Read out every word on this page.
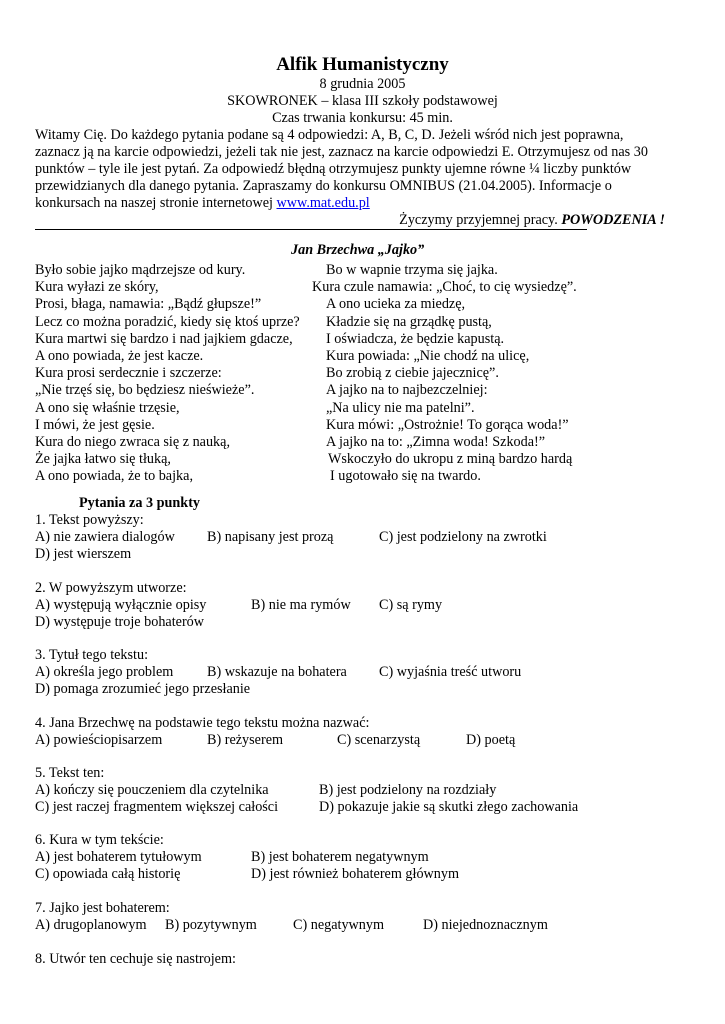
Alfik Humanistyczny
8 grudnia 2005
SKOWRONEK – klasa III szkoły podstawowej
Czas trwania konkursu: 45 min.
Witamy Cię. Do każdego pytania podane są 4 odpowiedzi: A, B, C, D. Jeżeli wśród nich jest poprawna,
zaznacz ją na karcie odpowiedzi, jeżeli tak nie jest, zaznacz na karcie odpowiedzi E. Otrzymujesz od nas 30
punktów – tyle ile jest pytań. Za odpowiedź błędną otrzymujesz punkty ujemne równe ¼ liczby punktów
przewidzianych dla danego pytania. Zapraszamy do konkursu OMNIBUS (21.04.2005). Informacje o
konkursach na naszej stronie internetowej www.mat.edu.pl
Życzymy przyjemnej pracy. POWODZENIA !
Jan Brzechwa „Jajko”
Było sobie jajko mądrzejsze od kury.
Kura wyłazi ze skóry,
Prosi, błaga, namawia: „Bądź głupsze!”
Lecz co można poradzić, kiedy się ktoś uprze?
Kura martwi się bardzo i nad jajkiem gdacze,
A ono powiada, że jest kacze.
Kura prosi serdecznie i szczerze:
„Nie trzęś się, bo będziesz nieświeże”.
A ono się właśnie trzęsie,
I mówi, że jest gęsie.
Kura do niego zwraca się z nauką,
Że jajka łatwo się tłuką,
A ono powiada, że to bajka,
Bo w wapnie trzyma się jajka.
Kura czule namawia: „Choć, to cię wysiedzę”.
A ono ucieka za miedzę,
Kładzie się na grządkę pustą,
I oświadcza, że będzie kapustą.
Kura powiada: „Nie chodź na ulicę,
Bo zrobią z ciebie jajecznicę”.
A jajko na to najbezczelniej:
„Na ulicy nie ma patelni”.
Kura mówi: „Ostrożnie! To gorąca woda!”
A jajko na to: „Zimna woda! Szkoda!”
Wskoczyło do ukropu z miną bardzo hardą
I ugotowało się na twardo.
Pytania za 3 punkty
1. Tekst powyższy:
A) nie zawiera dialogów B) napisany jest prozą	C) jest podzielony na zwrotki
D) jest wierszem
2. W powyższym utworze:
A) występują wyłącznie opisy	B) nie ma rymów C) są rymy
D) występuje troje bohaterów
3. Tytuł tego tekstu:
A) określa jego problem B) wskazuje na bohatera C) wyjaśnia treść utworu
D) pomaga zrozumieć jego przesłanie
4. Jana Brzechwę na podstawie tego tekstu można nazwać:
A) powieściopisarzem	B) reżyserem	C) scenarzystą	D) poetą
5. Tekst ten:
A) kończy się pouczeniem dla czytelnika	B) jest podzielony na rozdziały
C) jest raczej fragmentem większej całości	D) pokazuje jakie są skutki złego zachowania
6. Kura w tym tekście:
A) jest bohaterem tytułowym	B) jest bohaterem negatywnym
C) opowiada całą historię	D) jest również bohaterem głównym
7. Jajko jest bohaterem:
A) drugoplanowym B) pozytywnym	C) negatywnym	D) niejednoznacznym
8. Utwór ten cechuje się nastrojem:
